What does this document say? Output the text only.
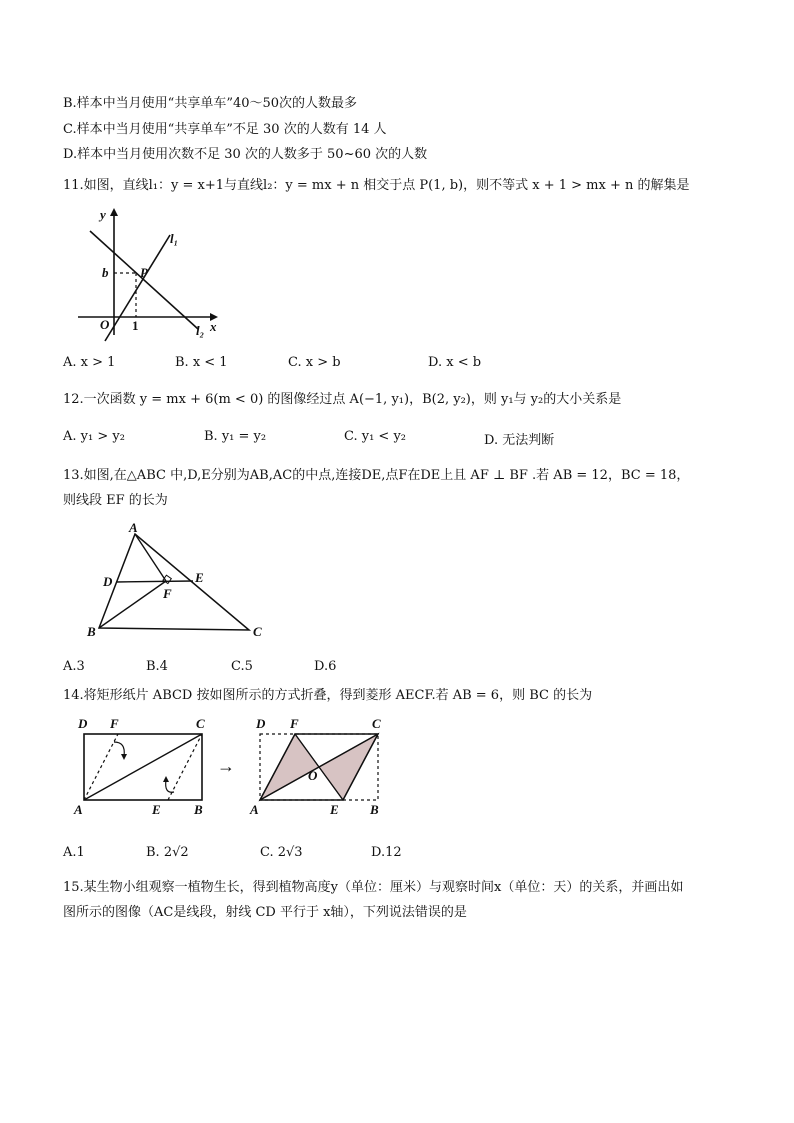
B.样本中当月使用“共享单车”40～50次的人数最多
C.样本中当月使用“共享单车”不足 30 次的人数有 14 人
D.样本中当月使用次数不足 30 次的人数多于 50~60 次的人数
11.如图，直线l₁：y = x+1与直线l₂：y = mx + n 相交于点 P(1, b)，则不等式 x + 1 > mx + n 的解集是
y
l₁
b P
O 1	l₂ x
A. x > 1	B. x < 1	C. x > b	D. x < b
12.一次函数 y = mx + 6(m < 0) 的图像经过点 A(−1, y₁)，B(2, y₂)，则 y₁与 y₂的大小关系是
A. y₁ > y₂	B. y₁ = y₂	C. y₁ < y₂	D. 无法判断
13.如图,在△ABC 中,D,E分别为AB,AC的中点,连接DE,点F在DE上且 AF ⊥ BF .若 AB = 12，BC = 18，
则线段 EF 的长为
A
D	E
F
B	C
A.3	B.4	C.5	D.6
14.将矩形纸片 ABCD 按如图所示的方式折叠，得到菱形 AECF.若 AB = 6，则 BC 的长为
D F	C
A	E	B
→
D F	C
O
A	E B
A.1	B. 2√2	C. 2√3	D.12
15.某生物小组观察一植物生长，得到植物高度y（单位：厘米）与观察时间x（单位：天）的关系，并画出如
图所示的图像（AC是线段，射线 CD 平行于 x轴），下列说法错误的是
